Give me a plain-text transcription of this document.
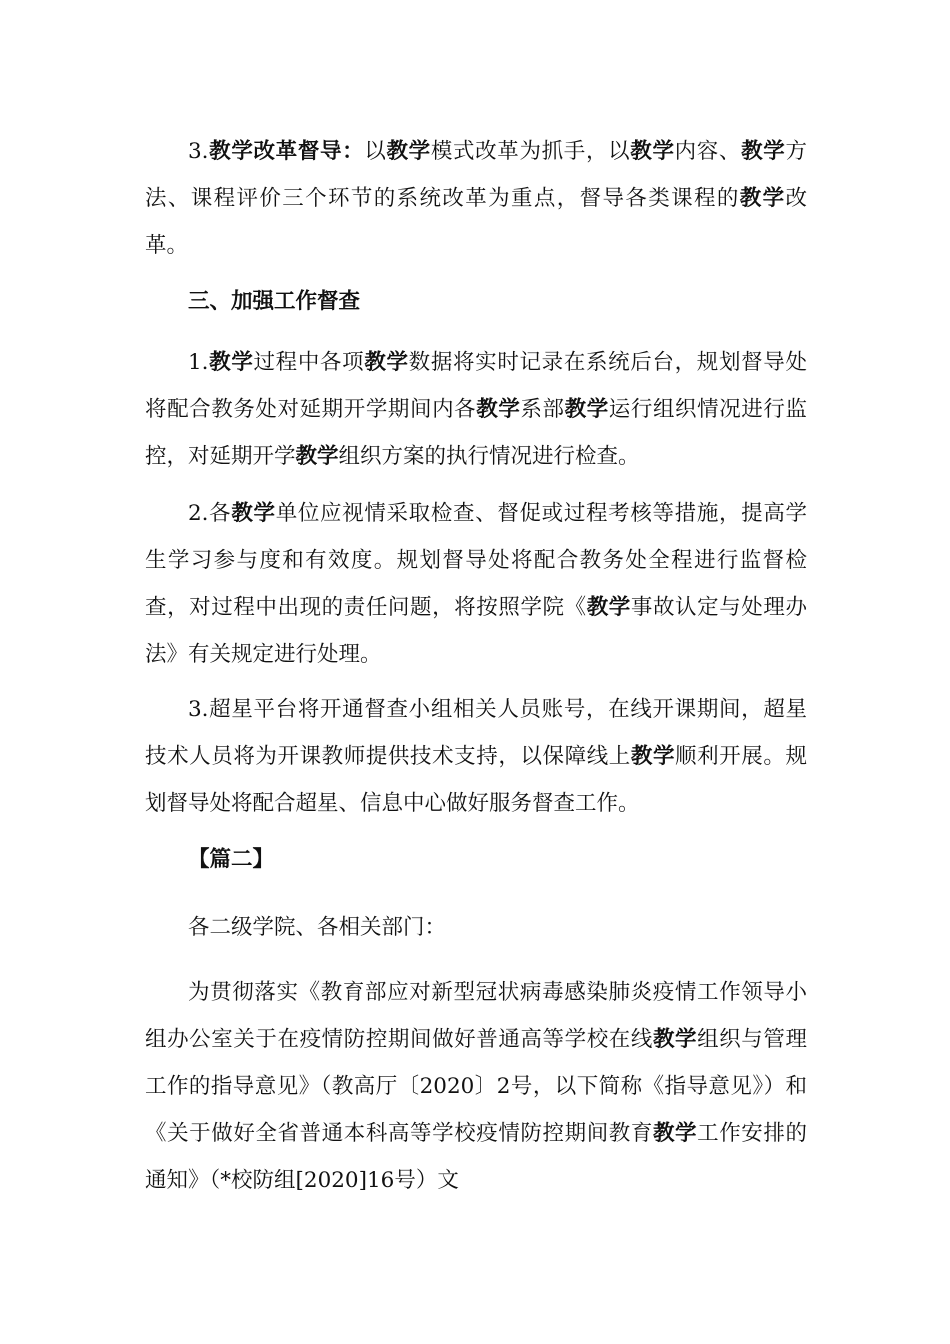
3.教学改革督导：以教学模式改革为抓手，以教学内容、教学方法、课程评价三个环节的系统改革为重点，督导各类课程的教学改革。

三、加强工作督查

1.教学过程中各项教学数据将实时记录在系统后台，规划督导处将配合教务处对延期开学期间内各教学系部教学运行组织情况进行监控，对延期开学教学组织方案的执行情况进行检查。

2.各教学单位应视情采取检查、督促或过程考核等措施，提高学生学习参与度和有效度。规划督导处将配合教务处全程进行监督检查，对过程中出现的责任问题，将按照学院《教学事故认定与处理办法》有关规定进行处理。

3.超星平台将开通督查小组相关人员账号，在线开课期间，超星技术人员将为开课教师提供技术支持，以保障线上教学顺利开展。规划督导处将配合超星、信息中心做好服务督查工作。

【篇二】

各二级学院、各相关部门：

为贯彻落实《教育部应对新型冠状病毒感染肺炎疫情工作领导小组办公室关于在疫情防控期间做好普通高等学校在线教学组织与管理工作的指导意见》（教高厅〔2020〕2号，以下简称《指导意见》）和《关于做好全省普通本科高等学校疫情防控期间教育教学工作安排的通知》（*校防组[2020]16号）文
